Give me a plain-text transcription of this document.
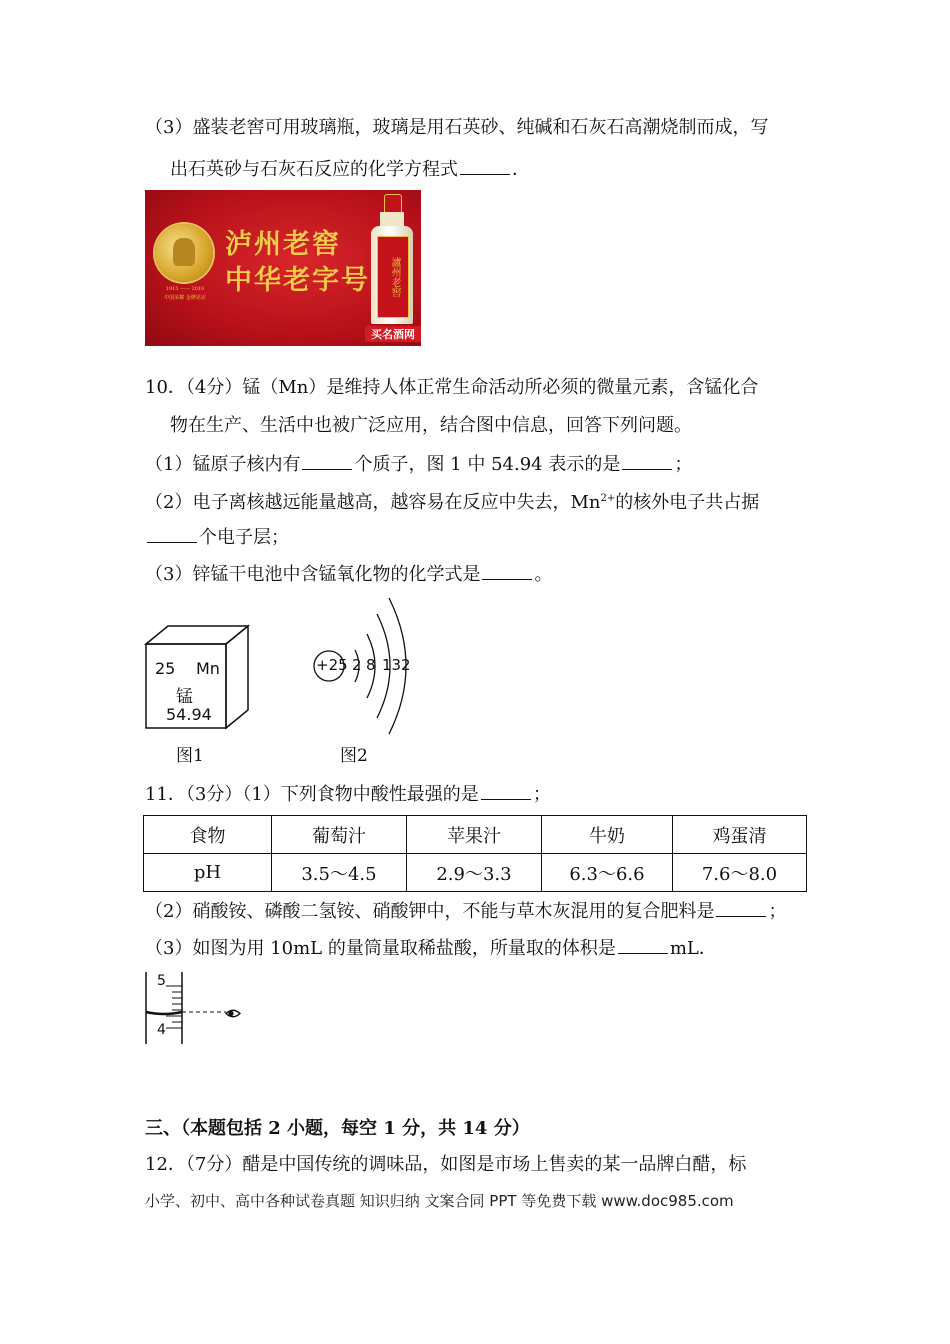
（3）盛装老窖可用玻璃瓶，玻璃是用石英砂、纯碱和石灰石高潮烧制而成，写
出石英砂与石灰石反应的化学方程式	．
1915 —— 2010
中国荣耀 金牌见证
泸州老窖
中华老字号	瀘州老窖
买名酒网
10．（4分）锰（Mn）是维持人体正常生命活动所必须的微量元素，含锰化合
物在生产、生活中也被广泛应用，结合图中信息，回答下列问题。
（1）锰原子核内有	个质子，图 1 中 54.94 表示的是	；
（2）电子离核越远能量越高，越容易在反应中失去，$Mn^{2+}$的核外电子共占据
个电子层；
（3）锌锰干电池中含锰氧化物的化学式是	。
25 Mn
锰
54.94
图1
+25 2 8 13 2
图2
11．（3分）（1）下列食物中酸性最强的是	；
食物	葡萄汁	苹果汁	牛奶	鸡蛋清
pH	3.5～4.5	2.9～3.3	6.3～6.6	7.6～8.0
（2）硝酸铵、磷酸二氢铵、硝酸钾中，不能与草木灰混用的复合肥料是	；
（3）如图为用 10mL 的量筒量取稀盐酸，所量取的体积是	mL．
5
4
三、（本题包括 2 小题，每空 1 分，共 14 分）
12．（7分）醋是中国传统的调味品，如图是市场上售卖的某一品牌白醋，标
小学、初中、高中各种试卷真题 知识归纳 文案合同 PPT 等免费下载 www.doc985.com
